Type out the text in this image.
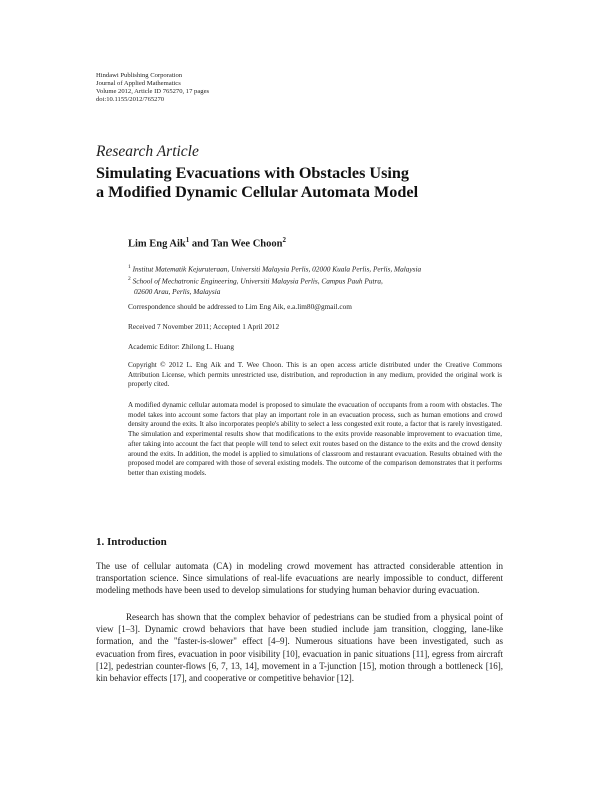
Hindawi Publishing Corporation
Journal of Applied Mathematics
Volume 2012, Article ID 765270, 17 pages
doi:10.1155/2012/765270
Research Article
Simulating Evacuations with Obstacles Using
a Modified Dynamic Cellular Automata Model
Lim Eng Aik$^1$ and Tan Wee Choon$^2$
$^1$ Institut Matematik Kejuruteraan, Universiti Malaysia Perlis, 02000 Kuala Perlis, Perlis, Malaysia
$^2$ School of Mechatronic Engineering, Universiti Malaysia Perlis, Campus Pauh Putra,
02600 Arau, Perlis, Malaysia
Correspondence should be addressed to Lim Eng Aik, e.a.lim80@gmail.com
Received 7 November 2011; Accepted 1 April 2012
Academic Editor: Zhilong L. Huang
Copyright © 2012 L. Eng Aik and T. Wee Choon. This is an open access article distributed under the Creative Commons Attribution License, which permits unrestricted use, distribution, and reproduction in any medium, provided the original work is properly cited.
A modified dynamic cellular automata model is proposed to simulate the evacuation of occupants from a room with obstacles. The model takes into account some factors that play an important role in an evacuation process, such as human emotions and crowd density around the exits. It also incorporates people's ability to select a less congested exit route, a factor that is rarely investigated. The simulation and experimental results show that modifications to the exits provide reasonable improvement to evacuation time, after taking into account the fact that people will tend to select exit routes based on the distance to the exits and the crowd density around the exits. In addition, the model is applied to simulations of classroom and restaurant evacuation. Results obtained with the proposed model are compared with those of several existing models. The outcome of the comparison demonstrates that it performs better than existing models.
1. Introduction

The use of cellular automata (CA) in modeling crowd movement has attracted considerable attention in transportation science. Since simulations of real-life evacuations are nearly impossible to conduct, different modeling methods have been used to develop simulations for studying human behavior during evacuation.

Research has shown that the complex behavior of pedestrians can be studied from a physical point of view [1–3]. Dynamic crowd behaviors that have been studied include jam transition, clogging, lane-like formation, and the "faster-is-slower" effect [4–9]. Numerous situations have been investigated, such as evacuation from fires, evacuation in poor visibility [10], evacuation in panic situations [11], egress from aircraft [12], pedestrian counter-flows [6, 7, 13, 14], movement in a T-junction [15], motion through a bottleneck [16], kin behavior effects [17], and cooperative or competitive behavior [12].
